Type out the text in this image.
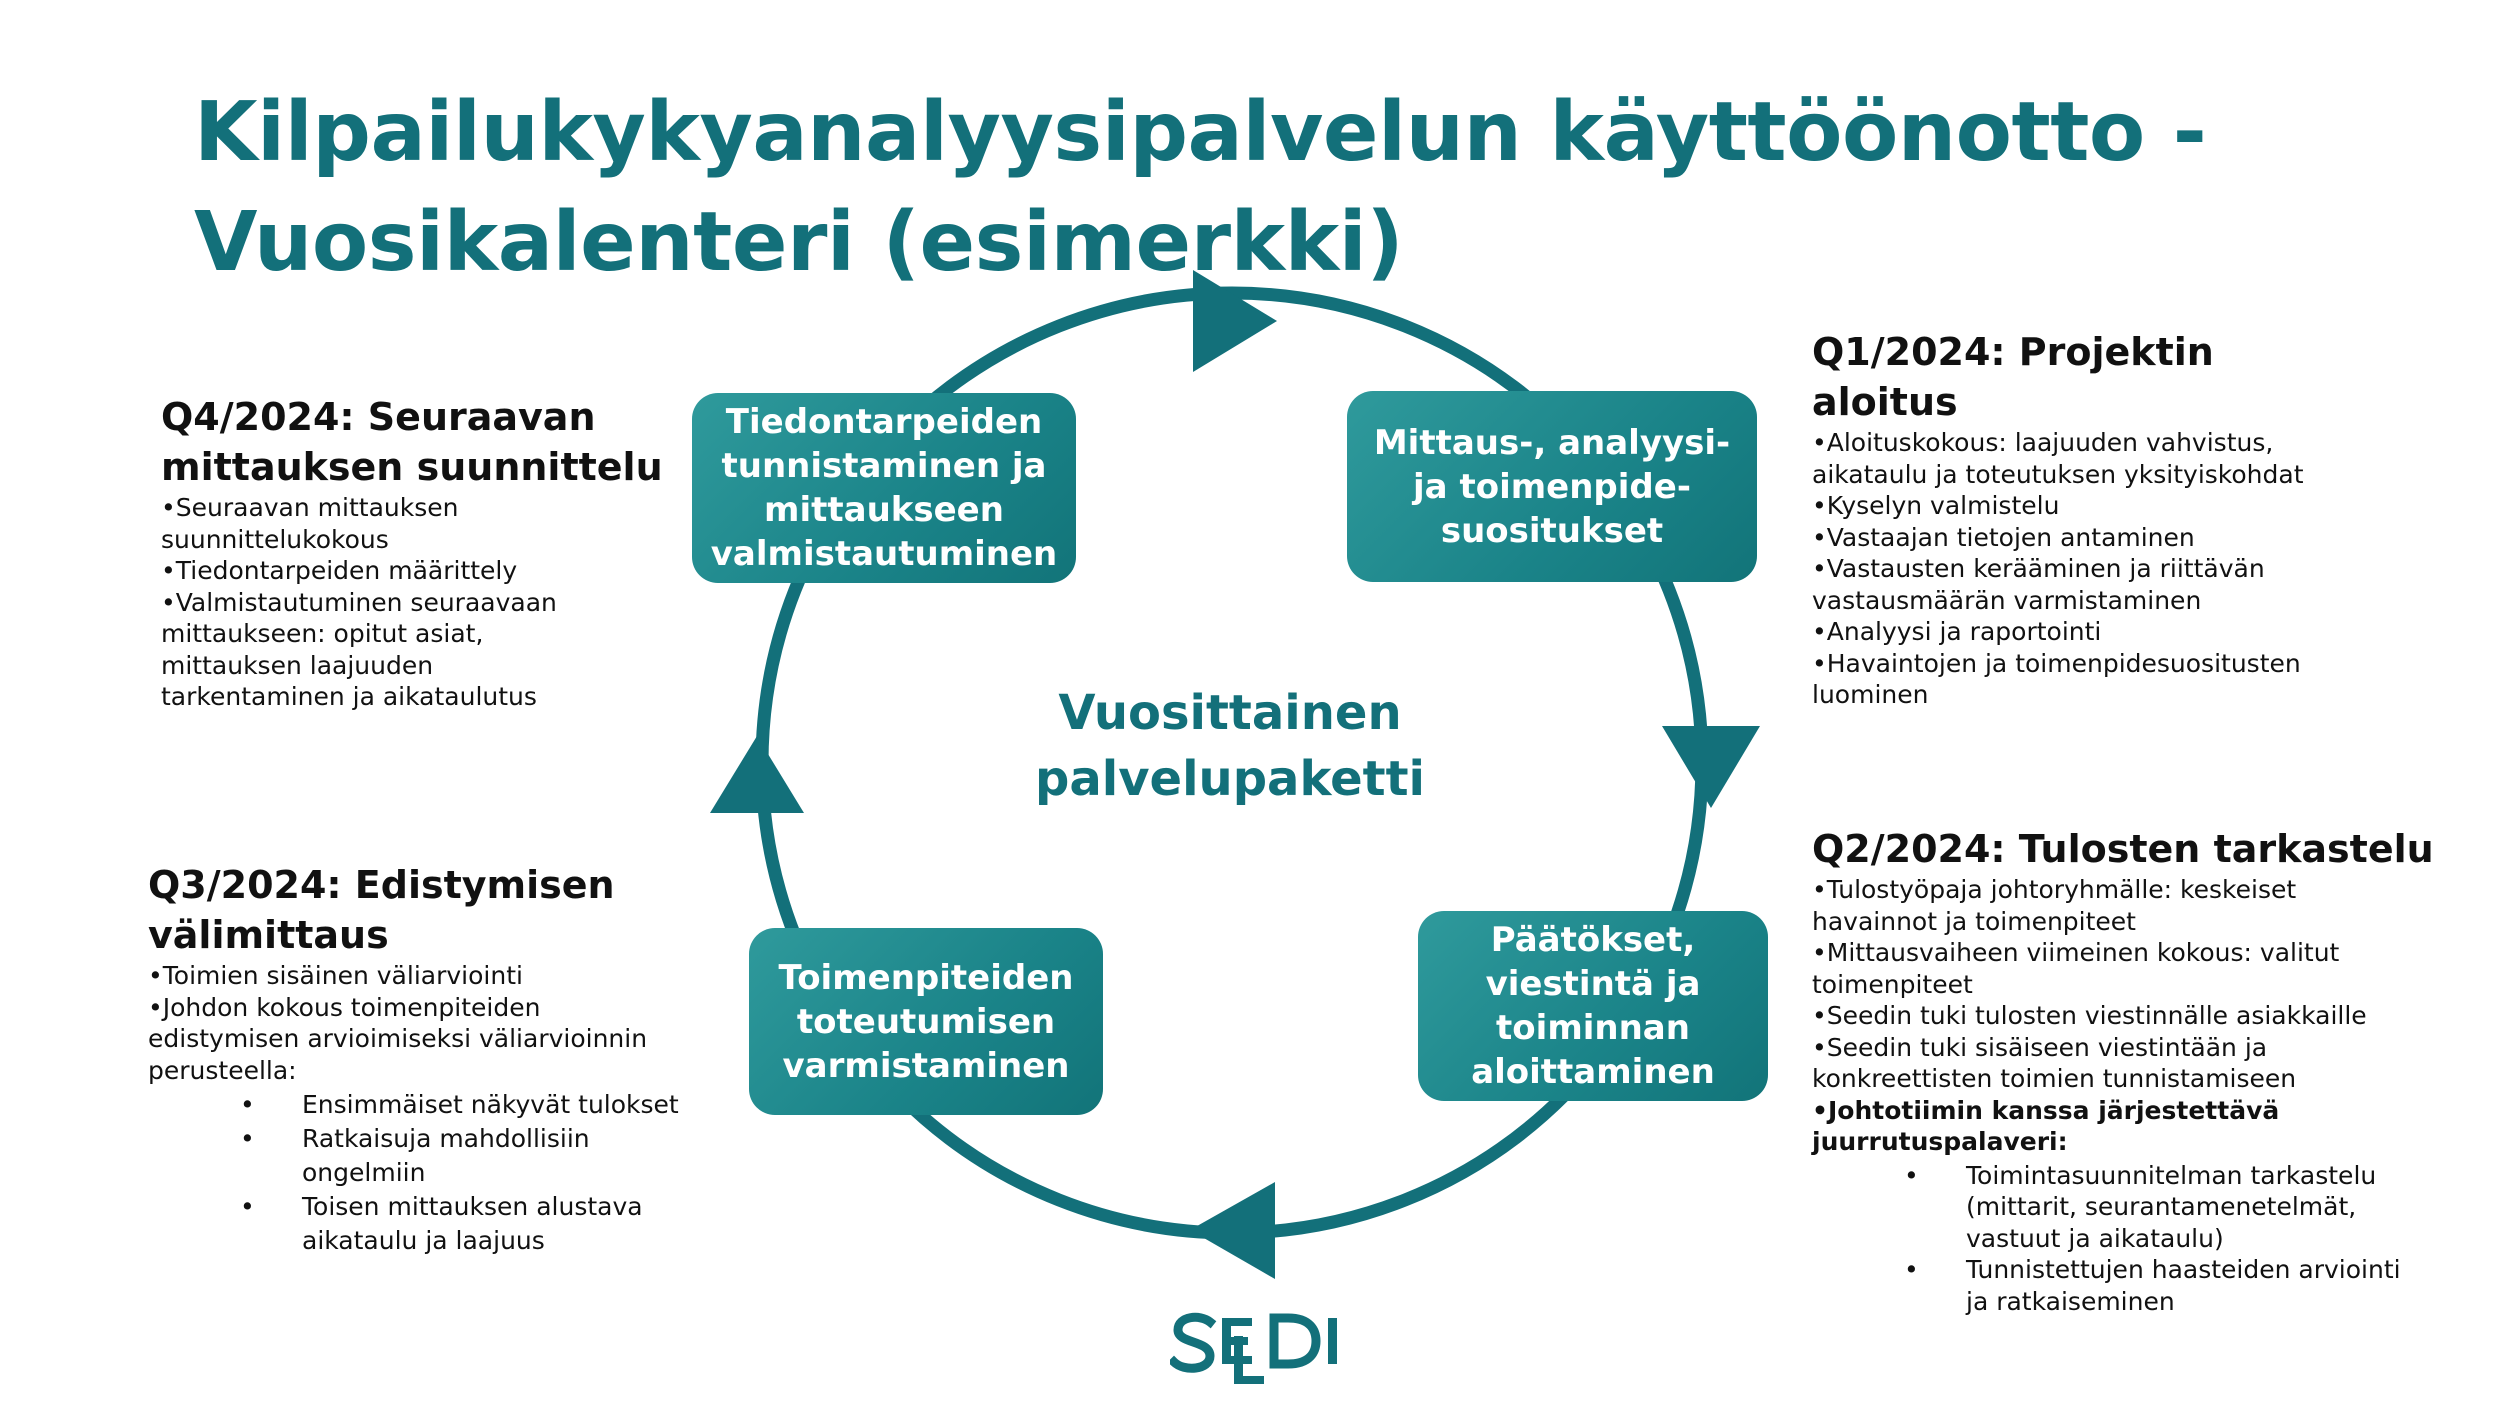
Kilpailukykyanalyysipalvelun käyttöönotto -
Vuosikalenteri (esimerkki)
Tiedontarpeiden
tunnistaminen ja
mittaukseen
valmistautuminen
Mittaus-, analyysi-
ja toimenpide-
suositukset
Päätökset,
viestintä ja
toiminnan
aloittaminen
Toimenpiteiden
toteutumisen
varmistaminen
Vuosittainen
palvelupaketti
Q4/2024: Seuraavan
mittauksen suunnittelu
•Seuraavan mittauksen
suunnittelukokous
•Tiedontarpeiden määrittely
•Valmistautuminen seuraavaan
mittaukseen: opitut asiat,
mittauksen laajuuden
tarkentaminen ja aikataulutus
Q1/2024: Projektin
aloitus
•Aloituskokous: laajuuden vahvistus,
aikataulu ja toteutuksen yksityiskohdat
•Kyselyn valmistelu
•Vastaajan tietojen antaminen
•Vastausten kerääminen ja riittävän
vastausmäärän varmistaminen
•Analyysi ja raportointi
•Havaintojen ja toimenpidesuositusten
luominen
Q3/2024: Edistymisen
välimittaus
•Toimien sisäinen väliarviointi
•Johdon kokous toimenpiteiden
edistymisen arvioimiseksi väliarvioinnin
perusteella:
• Ensimmäiset näkyvät tulokset
• Ratkaisuja mahdollisiin
ongelmiin
• Toisen mittauksen alustava
aikataulu ja laajuus
Q2/2024: Tulosten tarkastelu
•Tulostyöpaja johtoryhmälle: keskeiset
havainnot ja toimenpiteet
•Mittausvaiheen viimeinen kokous: valitut
toimenpiteet
•Seedin tuki tulosten viestinnälle asiakkaille
•Seedin tuki sisäiseen viestintään ja
konkreettisten toimien tunnistamiseen
•Johtotiimin kanssa järjestettävä
juurrutuspalaveri:
• Toimintasuunnitelman tarkastelu
(mittarit, seurantamenetelmät,
vastuut ja aikataulu)
• Tunnistettujen haasteiden arviointi
ja ratkaiseminen
